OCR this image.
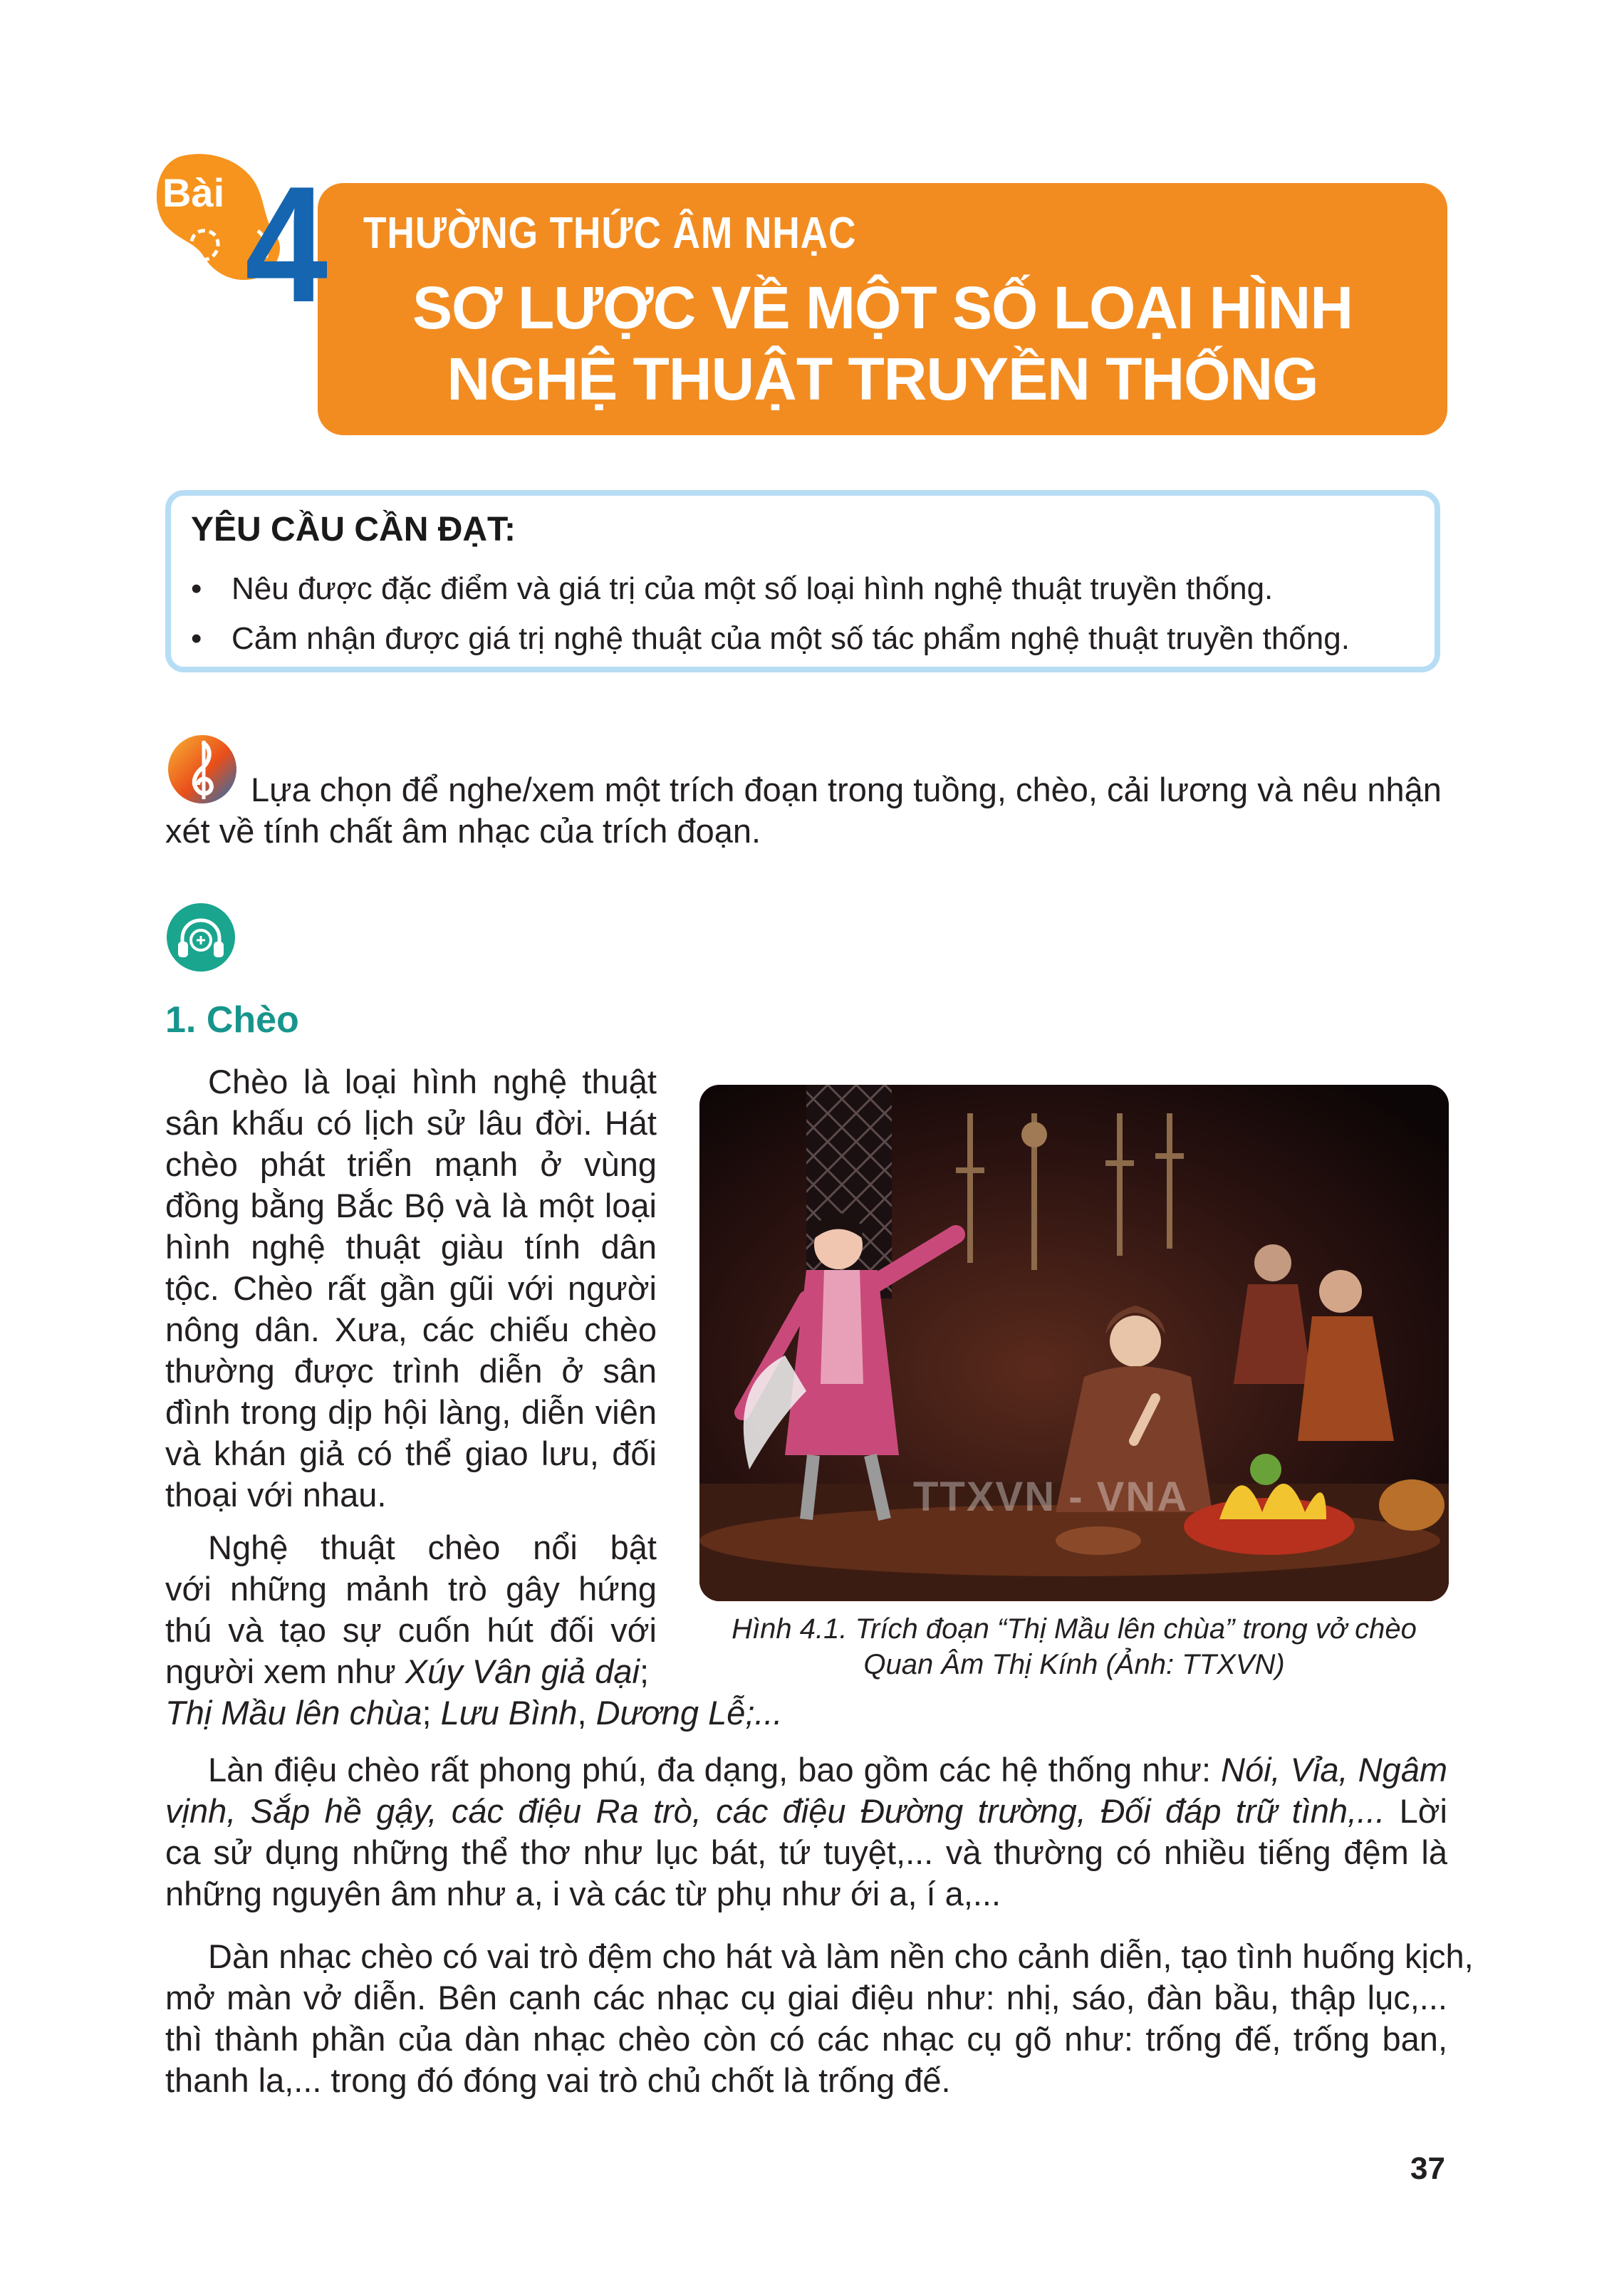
Bài 4 THƯỜNG THỨC ÂM NHẠC
SƠ LƯỢC VỀ MỘT SỐ LOẠI HÌNH
NGHỆ THUẬT TRUYỀN THỐNG
YÊU CẦU CẦN ĐẠT:
• Nêu được đặc điểm và giá trị của một số loại hình nghệ thuật truyền thống.
• Cảm nhận được giá trị nghệ thuật của một số tác phẩm nghệ thuật truyền thống.
Lựa chọn để nghe/xem một trích đoạn trong tuồng, chèo, cải lương và nêu nhận
xét về tính chất âm nhạc của trích đoạn.
1. Chèo
Chèo là loại hình nghệ thuật
sân khấu có lịch sử lâu đời. Hát
chèo phát triển mạnh ở vùng
đồng bằng Bắc Bộ và là một loại
hình nghệ thuật giàu tính dân
tộc. Chèo rất gần gũi với người
nông dân. Xưa, các chiếu chèo
thường được trình diễn ở sân
đình trong dịp hội làng, diễn viên
và khán giả có thể giao lưu, đối
thoại với nhau.
Nghệ thuật chèo nổi bật
với những mảnh trò gây hứng
thú và tạo sự cuốn hút đối với
người xem như Xúy Vân giả dại;
Thị Mầu lên chùa; Lưu Bình, Dương Lễ;...
TTXVN - VNA
Hình 4.1. Trích đoạn “Thị Mầu lên chùa” trong vở chèo
Quan Âm Thị Kính (Ảnh: TTXVN)
Làn điệu chèo rất phong phú, đa dạng, bao gồm các hệ thống như: Nói, Vỉa, Ngâm
vịnh, Sắp hề gậy, các điệu Ra trò, các điệu Đường trường, Đối đáp trữ tình,... Lời
ca sử dụng những thể thơ như lục bát, tứ tuyệt,... và thường có nhiều tiếng đệm là
những nguyên âm như a, i và các từ phụ như ới a, í a,...
Dàn nhạc chèo có vai trò đệm cho hát và làm nền cho cảnh diễn, tạo tình huống kịch,
mở màn vở diễn. Bên cạnh các nhạc cụ giai điệu như: nhị, sáo, đàn bầu, thập lục,...
thì thành phần của dàn nhạc chèo còn có các nhạc cụ gõ như: trống đế, trống ban,
thanh la,... trong đó đóng vai trò chủ chốt là trống đế.
37
